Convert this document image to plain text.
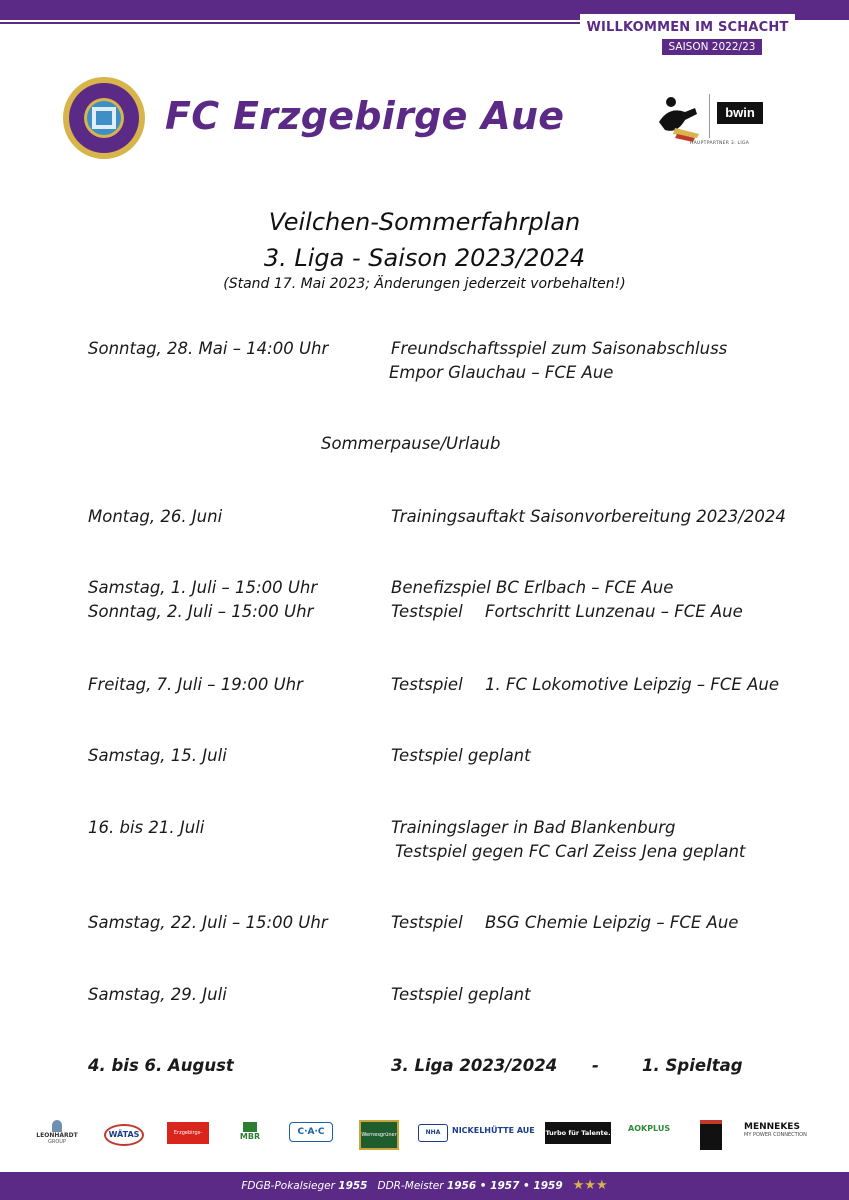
WILLKOMMEN IM SCHACHT
SAISON 2022/23
FC Erzgebirge Aue	bwin
HAUPTPARTNER 3. LIGA
Veilchen-Sommerfahrplan
3. Liga - Saison 2023/2024
(Stand 17. Mai 2023; Änderungen jederzeit vorbehalten!)
Sonntag, 28. Mai – 14:00 Uhr	Freundschaftsspiel zum Saisonabschluss
Empor Glauchau – FCE Aue
Sommerpause/Urlaub
Montag, 26. Juni	Trainingsauftakt Saisonvorbereitung 2023/2024
Samstag, 1. Juli – 15:00 Uhr	Benefizspiel BC Erlbach – FCE Aue
Sonntag, 2. Juli – 15:00 Uhr	Testspiel Fortschritt Lunzenau – FCE Aue
Freitag, 7. Juli – 19:00 Uhr	Testspiel 1. FC Lokomotive Leipzig – FCE Aue
Samstag, 15. Juli	Testspiel geplant
16. bis 21. Juli	Trainingslager in Bad Blankenburg
Testspiel gegen FC Carl Zeiss Jena geplant
Samstag, 22. Juli – 15:00 Uhr	Testspiel BSG Chemie Leipzig – FCE Aue
Samstag, 29. Juli	Testspiel geplant
4. bis 6. August	3. Liga 2023/2024 -	1. Spieltag
LEONHARDT
GROUP
WÄTAS	Erzgebirgs-sparkasse
MBR	C·A·C	Wernesgrüner	NHA	NICKELHÜTTE AUE Turbo für Talente. AOKPLUS	MENNEKES
MY POWER CONNECTION
FDGB-Pokalsieger 1955 DDR-Meister 1956 • 1957 • 1959 ★★★
